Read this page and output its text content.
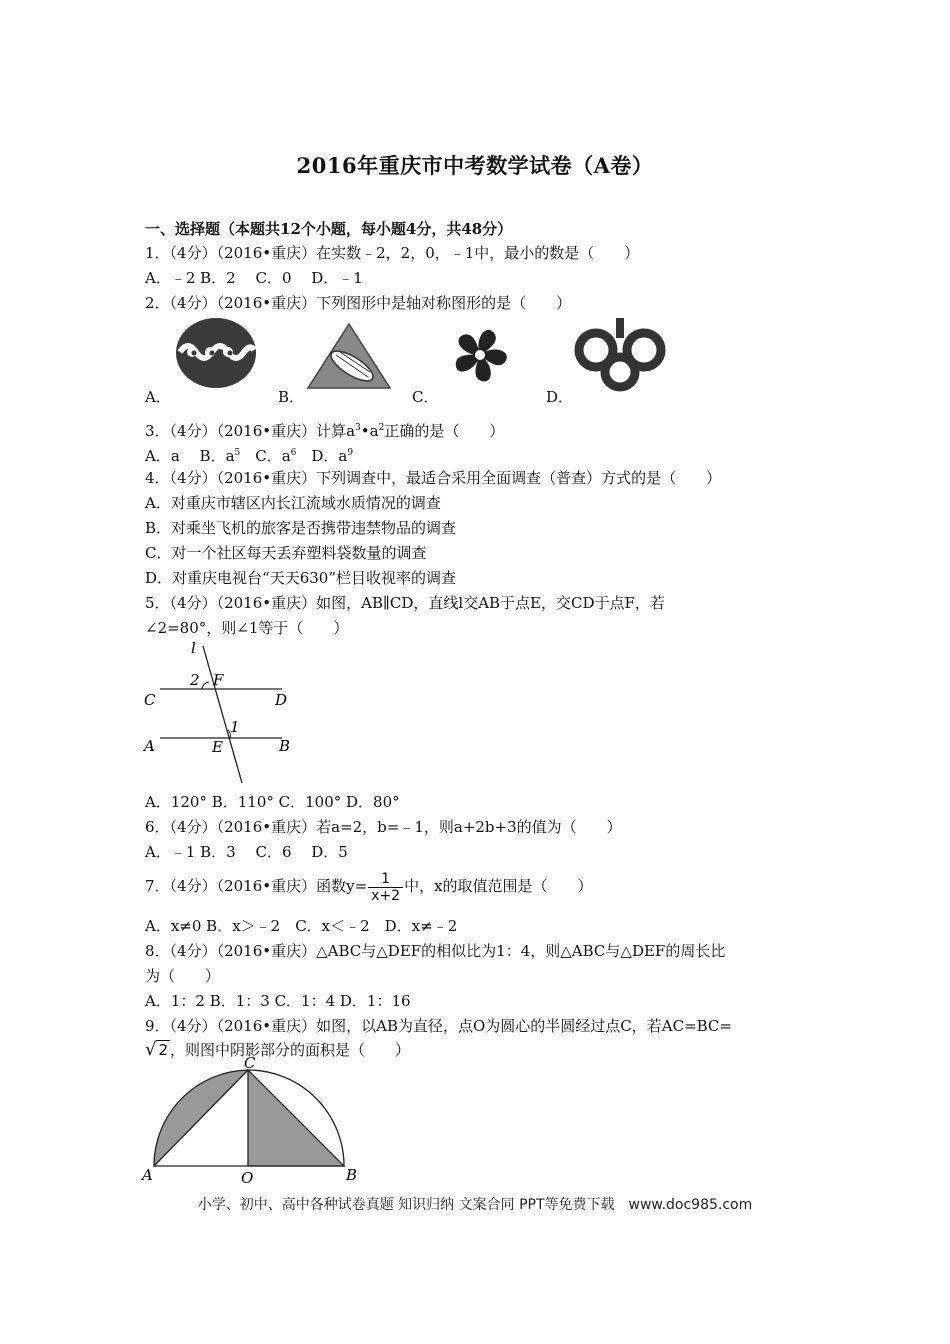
2016年重庆市中考数学试卷（A卷）
一、选择题（本题共12个小题，每小题4分，共48分）
1．（4分）（2016•重庆）在实数﹣2，2，0，﹣1中，最小的数是（　　）
A．﹣2 B．2　 C．0　 D．﹣1
2．（4分）（2016•重庆）下列图形中是轴对称图形的是（　　）
A．	B．	C．	D．
3．（4分）（2016•重庆）计算$a^3•a^2$正确的是（　　）
A．a　 B．$a^5$　C．$a^6$　D．$a^9$
4．（4分）（2016•重庆）下列调查中，最适合采用全面调查（普查）方式的是（　　）
A．对重庆市辖区内长江流域水质情况的调查
B．对乘坐飞机的旅客是否携带违禁物品的调查
C．对一个社区每天丢弃塑料袋数量的调查
D．对重庆电视台“天天630”栏目收视率的调查
5．（4分）（2016•重庆）如图，AB∥CD，直线l交AB于点E，交CD于点F，若
∠2=80°，则∠1等于（　　）
l
2 F
C	D
1
A	E	B
A．120° B．110° C．100° D．80°
6．（4分）（2016•重庆）若a=2，b=﹣1，则a+2b+3的值为（　　）
A．﹣1 B．3　 C．6　 D．5
7．（4分）（2016•重庆）函数$y= \frac{1}{x+2}$ 中，x的取值范围是（　　）
A．x≠0 B．x＞﹣2　C．x＜﹣2　D．x≠﹣2
8．（4分）（2016•重庆）△ABC与△DEF的相似比为1：4，则△ABC与△DEF的周长比
为（　　）
A．1：2 B．1：3 C．1：4 D．1：16
9．（4分）（2016•重庆）如图，以AB为直径，点O为圆心的半圆经过点C，若AC=BC=
√ 2 ，则图中阴影部分的面积是（　　）
C
A	O	B
小学、初中、高中各种试卷真题 知识归纳 文案合同 PPT等免费下载　www.doc985.com
